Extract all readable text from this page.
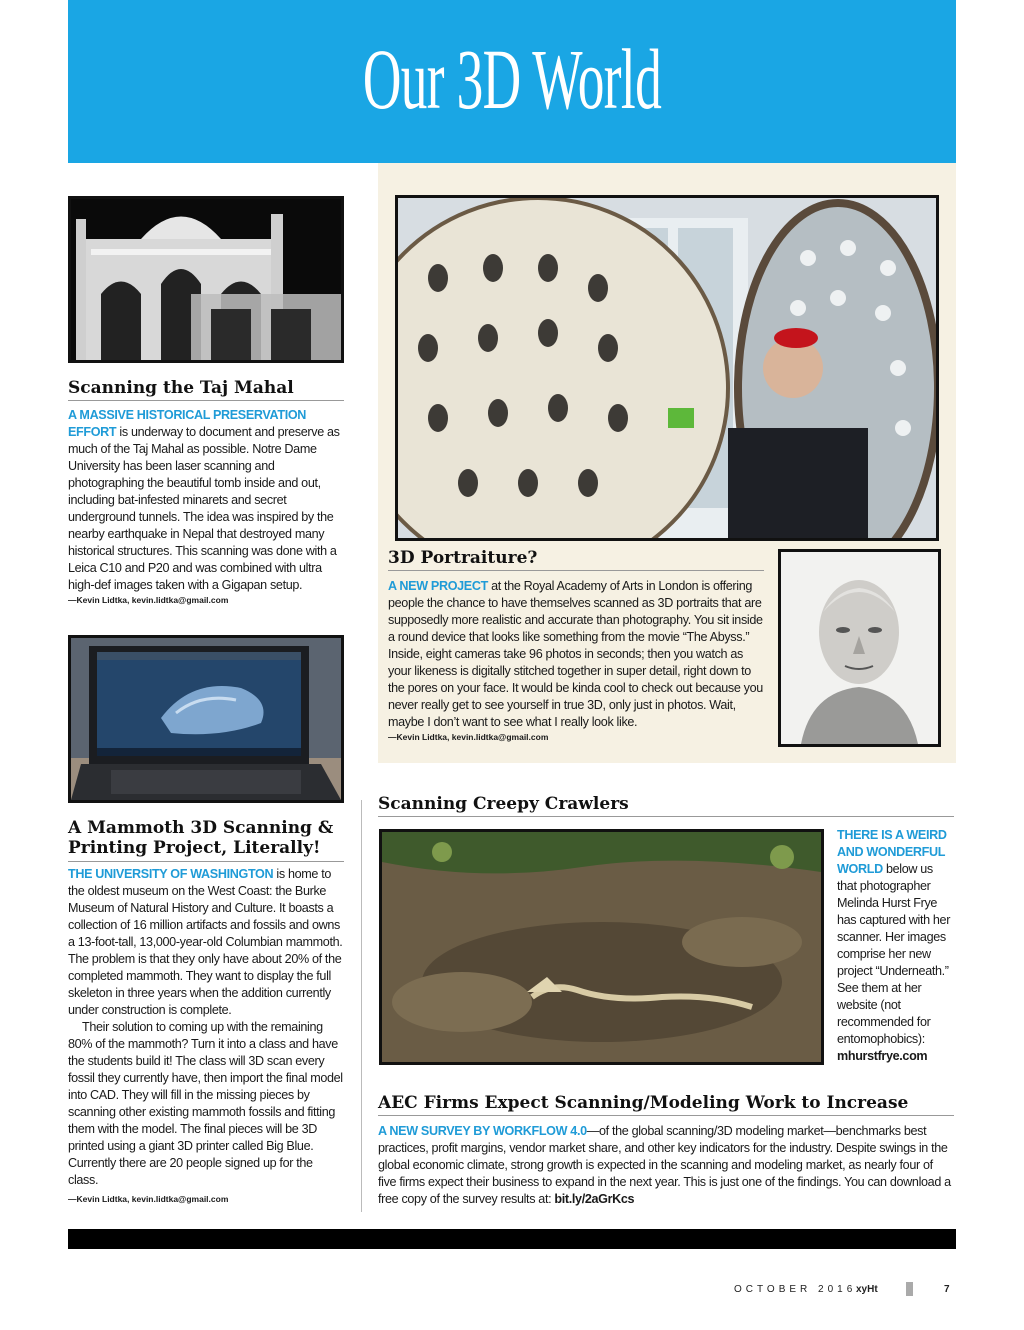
Our 3D World
Scanning the Taj Mahal

A MASSIVE HISTORICAL PRESERVATION EFFORT is underway to document and preserve as much of the Taj Mahal as possible. Notre Dame University has been laser scanning and photographing the beautiful tomb inside and out, including bat-infested minarets and secret underground tunnels. The idea was inspired by the nearby earthquake in Nepal that destroyed many historical structures. This scanning was done with a Leica C10 and P20 and was combined with ultra high-def images taken with a Gigapan setup.
—Kevin Lidtka, kevin.lidtka@gmail.com

3D Portraiture?

A NEW PROJECT at the Royal Academy of Arts in London is offering people the chance to have themselves scanned as 3D portraits that are supposedly more realistic and accurate than photography. You sit inside a round device that looks like something from the movie “The Abyss.” Inside, eight cameras take 96 photos in seconds; then you watch as your likeness is digitally stitched together in super detail, right down to the pores on your face. It would be kinda cool to check out because you never really get to see yourself in true 3D, only just in photos. Wait, maybe I don’t want to see what I really look like.
—Kevin Lidtka, kevin.lidtka@gmail.com

A Mammoth 3D Scanning & Printing Project, Literally!

THE UNIVERSITY OF WASHINGTON is home to the oldest museum on the West Coast: the Burke Museum of Natural History and Culture. It boasts a collection of 16 million artifacts and fossils and owns a 13-foot-tall, 13,000-year-old Columbian mammoth. The problem is that they only have about 20% of the completed mammoth. They want to display the full skeleton in three years when the addition currently under construction is complete.
Their solution to coming up with the remaining 80% of the mammoth? Turn it into a class and have the students build it! The class will 3D scan every fossil they currently have, then import the final model into CAD. They will fill in the missing pieces by scanning other existing mammoth fossils and fitting them with the model. The final pieces will be 3D printed using a giant 3D printer called Big Blue. Currently there are 20 people signed up for the class.
—Kevin Lidtka, kevin.lidtka@gmail.com

Scanning Creepy Crawlers

THERE IS A WEIRD AND WONDERFUL WORLD below us that photographer Melinda Hurst Frye has captured with her scanner. Her images comprise her new project “Underneath.” See them at her website (not recommended for entomophobics): mhurstfrye.com

AEC Firms Expect Scanning/Modeling Work to Increase

A NEW SURVEY BY WORKFLOW 4.0—of the global scanning/3D modeling market—benchmarks best practices, profit margins, vendor market share, and other key indicators for the industry. Despite swings in the global economic climate, strong growth is expected in the scanning and modeling market, as nearly four of five firms expect their business to expand in the next year. This is just one of the findings. You can download a free copy of the survey results at: bit.ly/2aGrKcs

OCTOBER 2016 xyHt	7
